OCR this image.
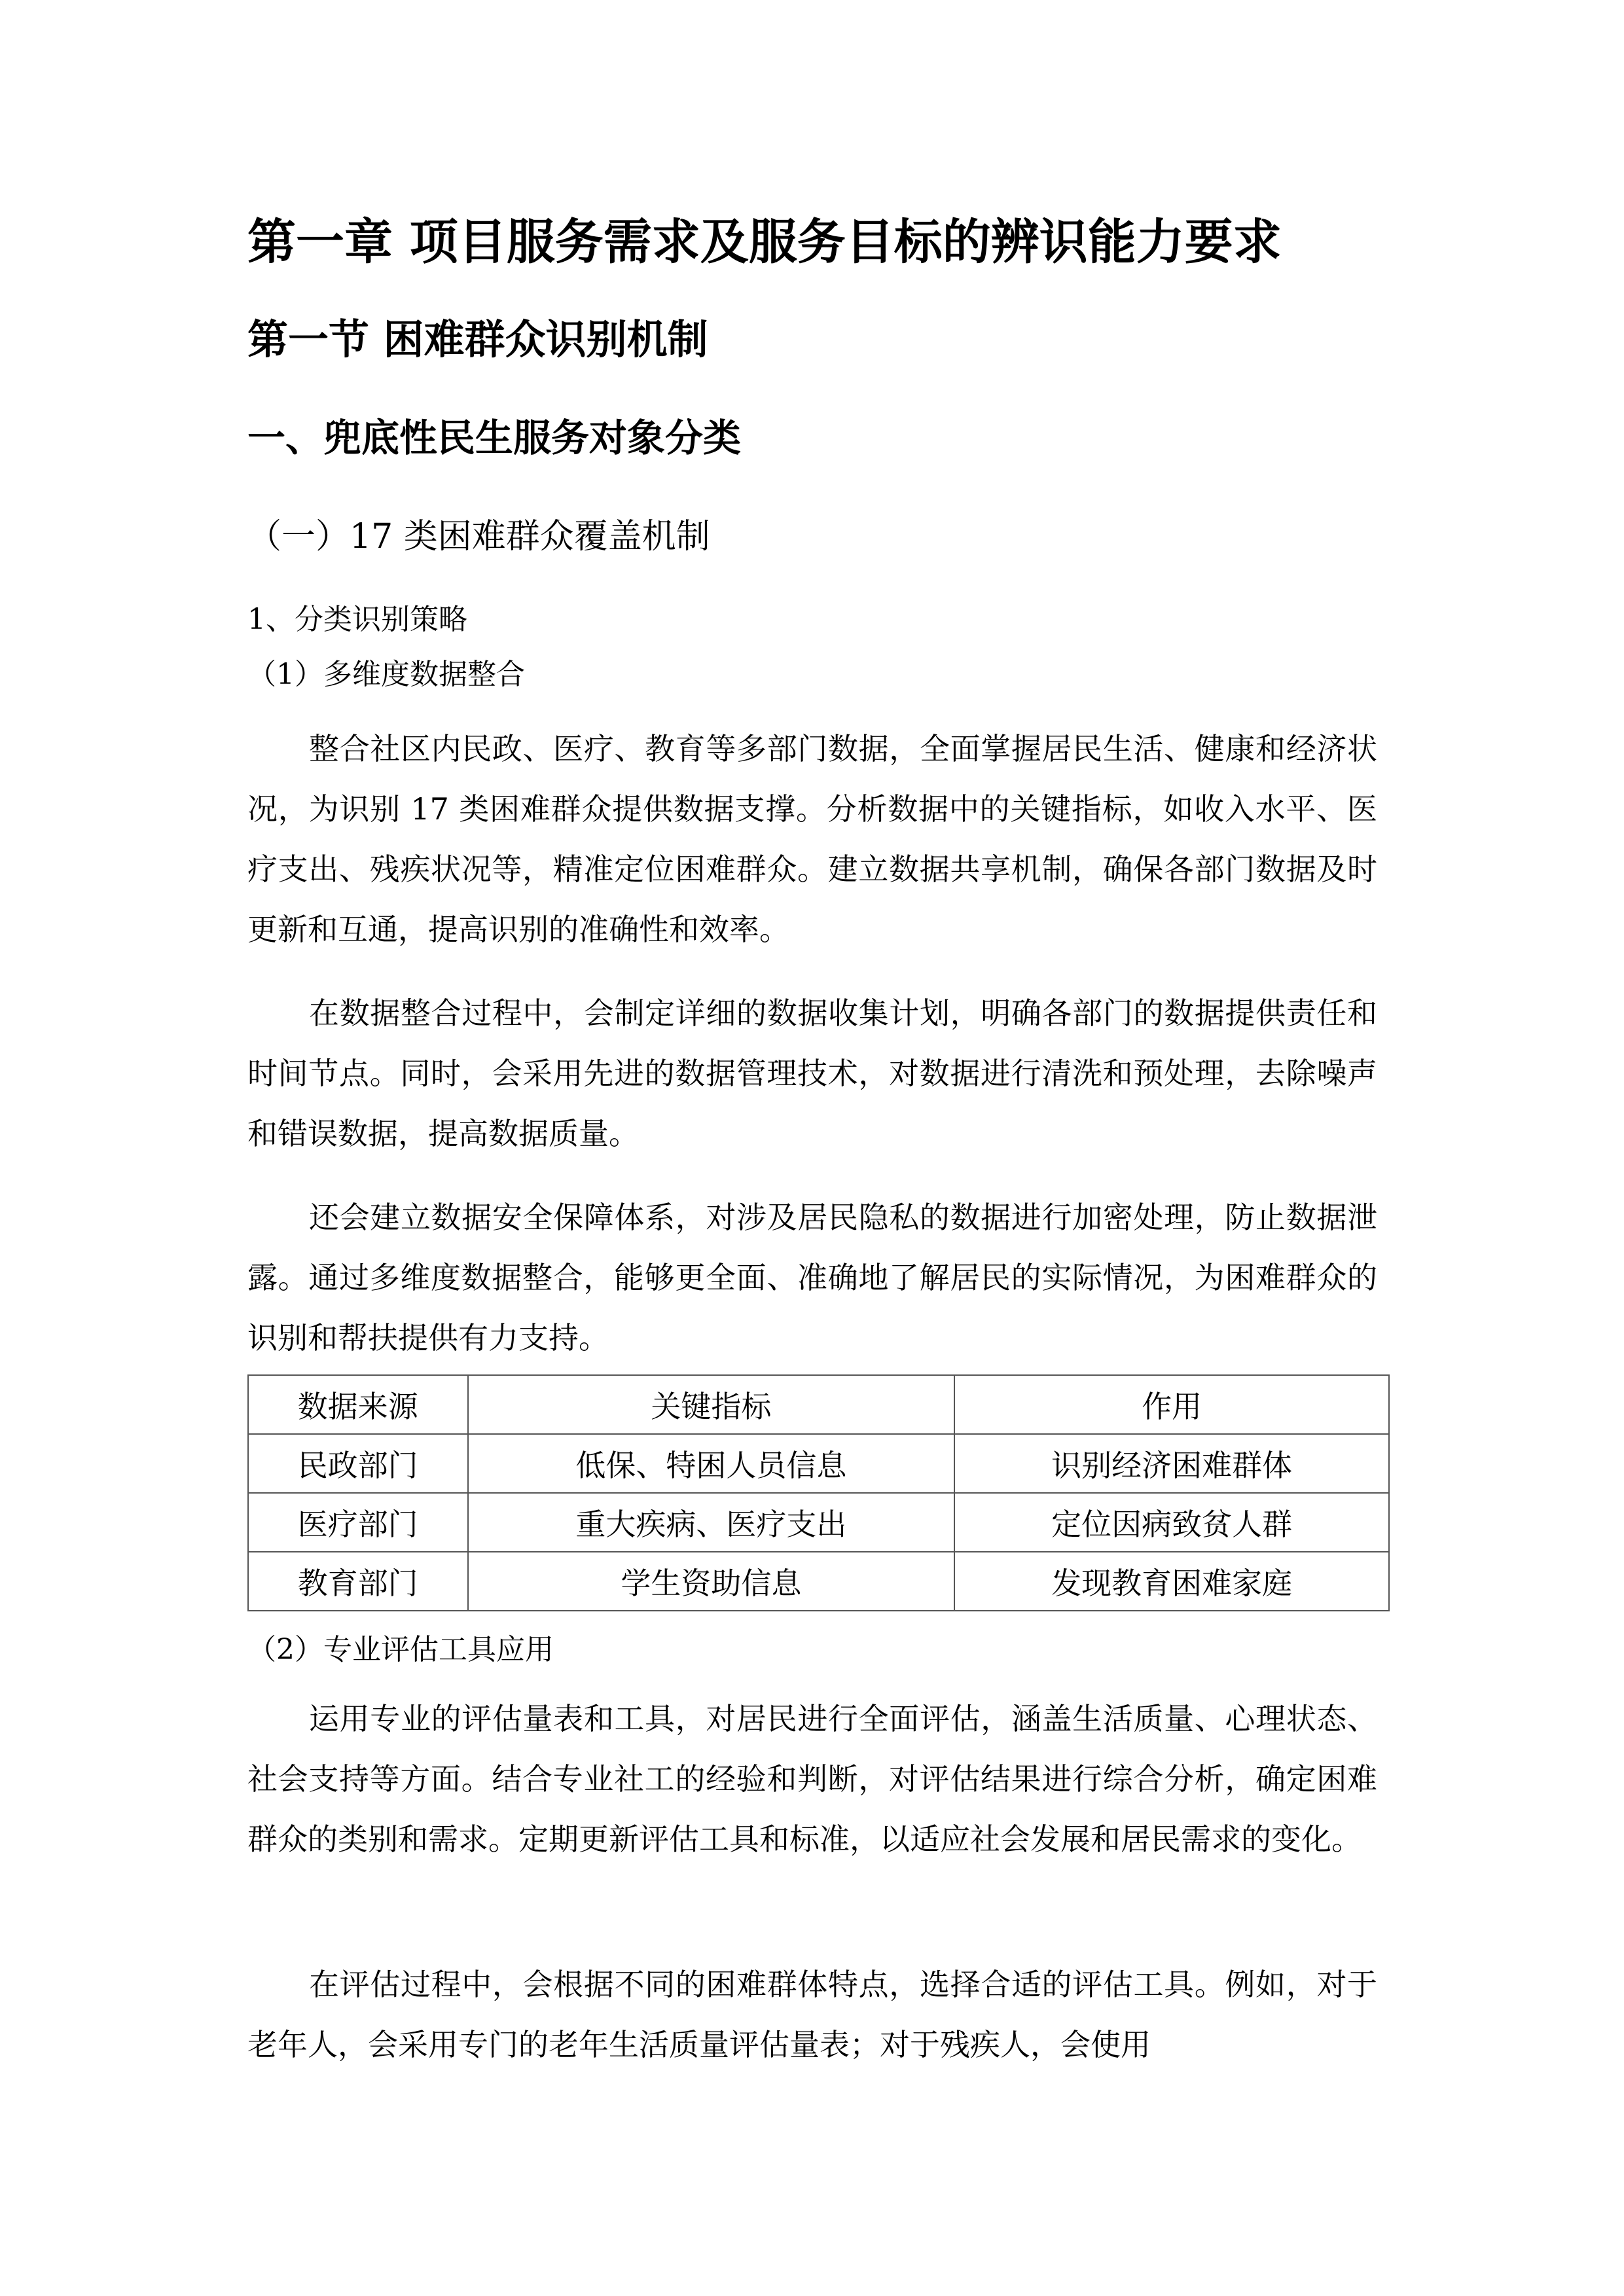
第一章 项目服务需求及服务目标的辨识能力要求
第一节 困难群众识别机制
一、兜底性民生服务对象分类
（一）17 类困难群众覆盖机制
1、分类识别策略
（1）多维度数据整合

整合社区内民政、医疗、教育等多部门数据，全面掌握居民生活、健康和经济状况，为识别 17 类困难群众提供数据支撑。分析数据中的关键指标，如收入水平、医疗支出、残疾状况等，精准定位困难群众。建立数据共享机制，确保各部门数据及时更新和互通，提高识别的准确性和效率。

在数据整合过程中，会制定详细的数据收集计划，明确各部门的数据提供责任和时间节点。同时，会采用先进的数据管理技术，对数据进行清洗和预处理，去除噪声和错误数据，提高数据质量。

还会建立数据安全保障体系，对涉及居民隐私的数据进行加密处理，防止数据泄露。通过多维度数据整合，能够更全面、准确地了解居民的实际情况，为困难群众的识别和帮扶提供有力支持。

数据来源	关键指标	作用
民政部门	低保、特困人员信息	识别经济困难群体
医疗部门	重大疾病、医疗支出	定位因病致贫人群
教育部门	学生资助信息	发现教育困难家庭
（2）专业评估工具应用

运用专业的评估量表和工具，对居民进行全面评估，涵盖生活质量、心理状态、社会支持等方面。结合专业社工的经验和判断，对评估结果进行综合分析，确定困难群众的类别和需求。定期更新评估工具和标准，以适应社会发展和居民需求的变化。

在评估过程中，会根据不同的困难群体特点，选择合适的评估工具。例如，对于老年人，会采用专门的老年生活质量评估量表；对于残疾人，会使用
